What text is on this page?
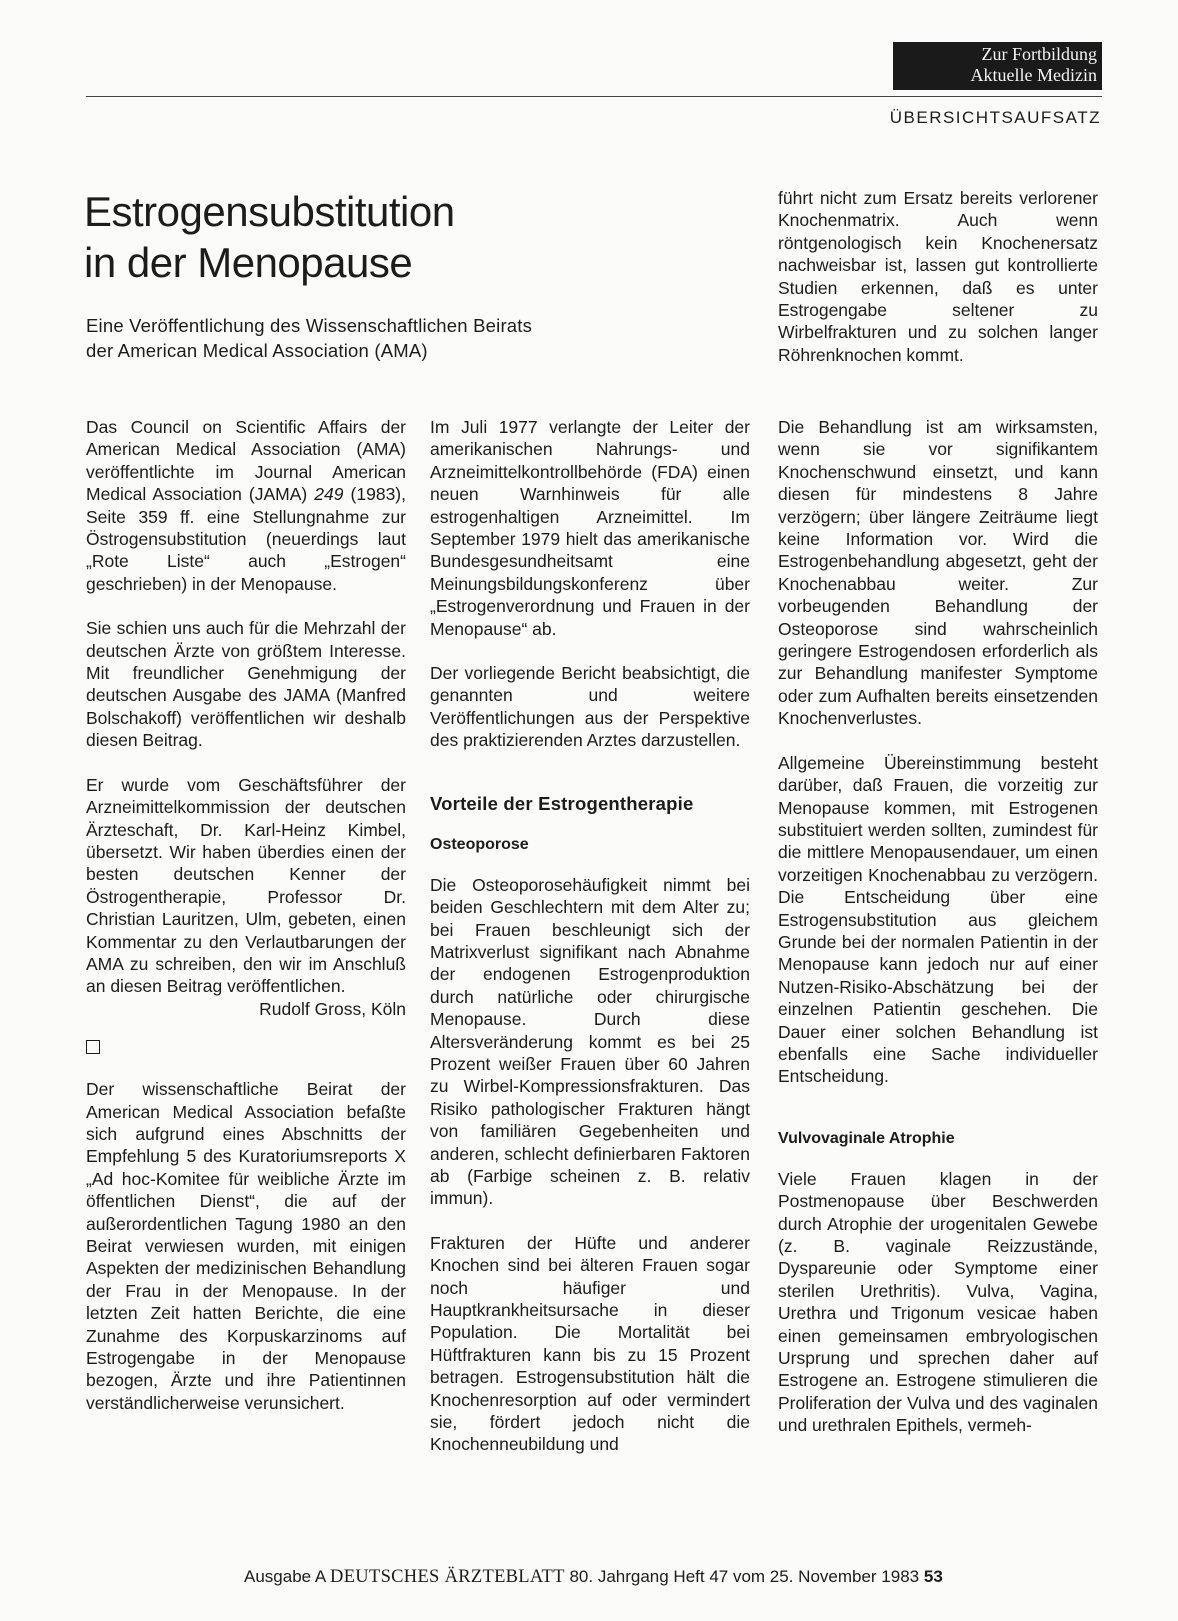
Zur Fortbildung
Aktuelle Medizin
ÜBERSICHTSAUFSATZ
Estrogensubstitution
in der Menopause

Eine Veröffentlichung des Wissenschaftlichen Beirats
der American Medical Association (AMA)

Das Council on Scientific Affairs der American Medical Association (AMA) veröffentlichte im Journal American Medical Association (JAMA) 249 (1983), Seite 359 ff. eine Stellungnahme zur Östrogensubstitution (neuerdings laut „Rote Liste“ auch „Estrogen“ geschrieben) in der Menopause.

Sie schien uns auch für die Mehrzahl der deutschen Ärzte von größtem Interesse. Mit freundlicher Genehmigung der deutschen Ausgabe des JAMA (Manfred Bolschakoff) veröffentlichen wir deshalb diesen Beitrag.

Er wurde vom Geschäftsführer der Arzneimittelkommission der deutschen Ärzteschaft, Dr. Karl-Heinz Kimbel, übersetzt. Wir haben überdies einen der besten deutschen Kenner der Östrogentherapie, Professor Dr. Christian Lauritzen, Ulm, gebeten, einen Kommentar zu den Verlautbarungen der AMA zu schreiben, den wir im Anschluß an diesen Beitrag veröffentlichen.

Rudolf Gross, Köln

Der wissenschaftliche Beirat der American Medical Association befaßte sich aufgrund eines Abschnitts der Empfehlung 5 des Kuratoriumsreports X „Ad hoc-Komitee für weibliche Ärzte im öffentlichen Dienst“, die auf der außerordentlichen Tagung 1980 an den Beirat verwiesen wurden, mit einigen Aspekten der medizinischen Behandlung der Frau in der Menopause. In der letzten Zeit hatten Berichte, die eine Zunahme des Korpuskarzinoms auf Estrogengabe in der Menopause bezogen, Ärzte und ihre Patientinnen verständlicherweise verunsichert.

Im Juli 1977 verlangte der Leiter der amerikanischen Nahrungs- und Arzneimittelkontrollbehörde (FDA) einen neuen Warnhinweis für alle estrogenhaltigen Arzneimittel. Im September 1979 hielt das amerikanische Bundesgesundheitsamt eine Meinungsbildungskonferenz über „Estrogenverordnung und Frauen in der Menopause“ ab.

Der vorliegende Bericht beabsichtigt, die genannten und weitere Veröffentlichungen aus der Perspektive des praktizierenden Arztes darzustellen.

Vorteile der Estrogentherapie
Osteoporose

Die Osteoporosehäufigkeit nimmt bei beiden Geschlechtern mit dem Alter zu; bei Frauen beschleunigt sich der Matrixverlust signifikant nach Abnahme der endogenen Estrogenproduktion durch natürliche oder chirurgische Menopause. Durch diese Altersveränderung kommt es bei 25 Prozent weißer Frauen über 60 Jahren zu Wirbel-Kompressionsfrakturen. Das Risiko pathologischer Frakturen hängt von familiären Gegebenheiten und anderen, schlecht definierbaren Faktoren ab (Farbige scheinen z. B. relativ immun).

Frakturen der Hüfte und anderer Knochen sind bei älteren Frauen sogar noch häufiger und Hauptkrankheitsursache in dieser Population. Die Mortalität bei Hüftfrakturen kann bis zu 15 Prozent betragen. Estrogensubstitution hält die Knochenresorption auf oder vermindert sie, fördert jedoch nicht die Knochenneubildung und

führt nicht zum Ersatz bereits verlorener Knochenmatrix. Auch wenn röntgenologisch kein Knochenersatz nachweisbar ist, lassen gut kontrollierte Studien erkennen, daß es unter Estrogengabe seltener zu Wirbelfrakturen und zu solchen langer Röhrenknochen kommt.

Die Behandlung ist am wirksamsten, wenn sie vor signifikantem Knochenschwund einsetzt, und kann diesen für mindestens 8 Jahre verzögern; über längere Zeiträume liegt keine Information vor. Wird die Estrogenbehandlung abgesetzt, geht der Knochenabbau weiter. Zur vorbeugenden Behandlung der Osteoporose sind wahrscheinlich geringere Estrogendosen erforderlich als zur Behandlung manifester Symptome oder zum Aufhalten bereits einsetzenden Knochenverlustes.

Allgemeine Übereinstimmung besteht darüber, daß Frauen, die vorzeitig zur Menopause kommen, mit Estrogenen substituiert werden sollten, zumindest für die mittlere Menopausendauer, um einen vorzeitigen Knochenabbau zu verzögern. Die Entscheidung über eine Estrogensubstitution aus gleichem Grunde bei der normalen Patientin in der Menopause kann jedoch nur auf einer Nutzen-Risiko-Abschätzung bei der einzelnen Patientin geschehen. Die Dauer einer solchen Behandlung ist ebenfalls eine Sache individueller Entscheidung.

Vulvovaginale Atrophie

Viele Frauen klagen in der Postmenopause über Beschwerden durch Atrophie der urogenitalen Gewebe (z. B. vaginale Reizzustände, Dyspareunie oder Symptome einer sterilen Urethritis). Vulva, Vagina, Urethra und Trigonum vesicae haben einen gemeinsamen embryologischen Ursprung und sprechen daher auf Estrogene an. Estrogene stimulieren die Proliferation der Vulva und des vaginalen und urethralen Epithels, vermeh-

Ausgabe A DEUTSCHES ÄRZTEBLATT 80. Jahrgang Heft 47 vom 25. November 1983 53
